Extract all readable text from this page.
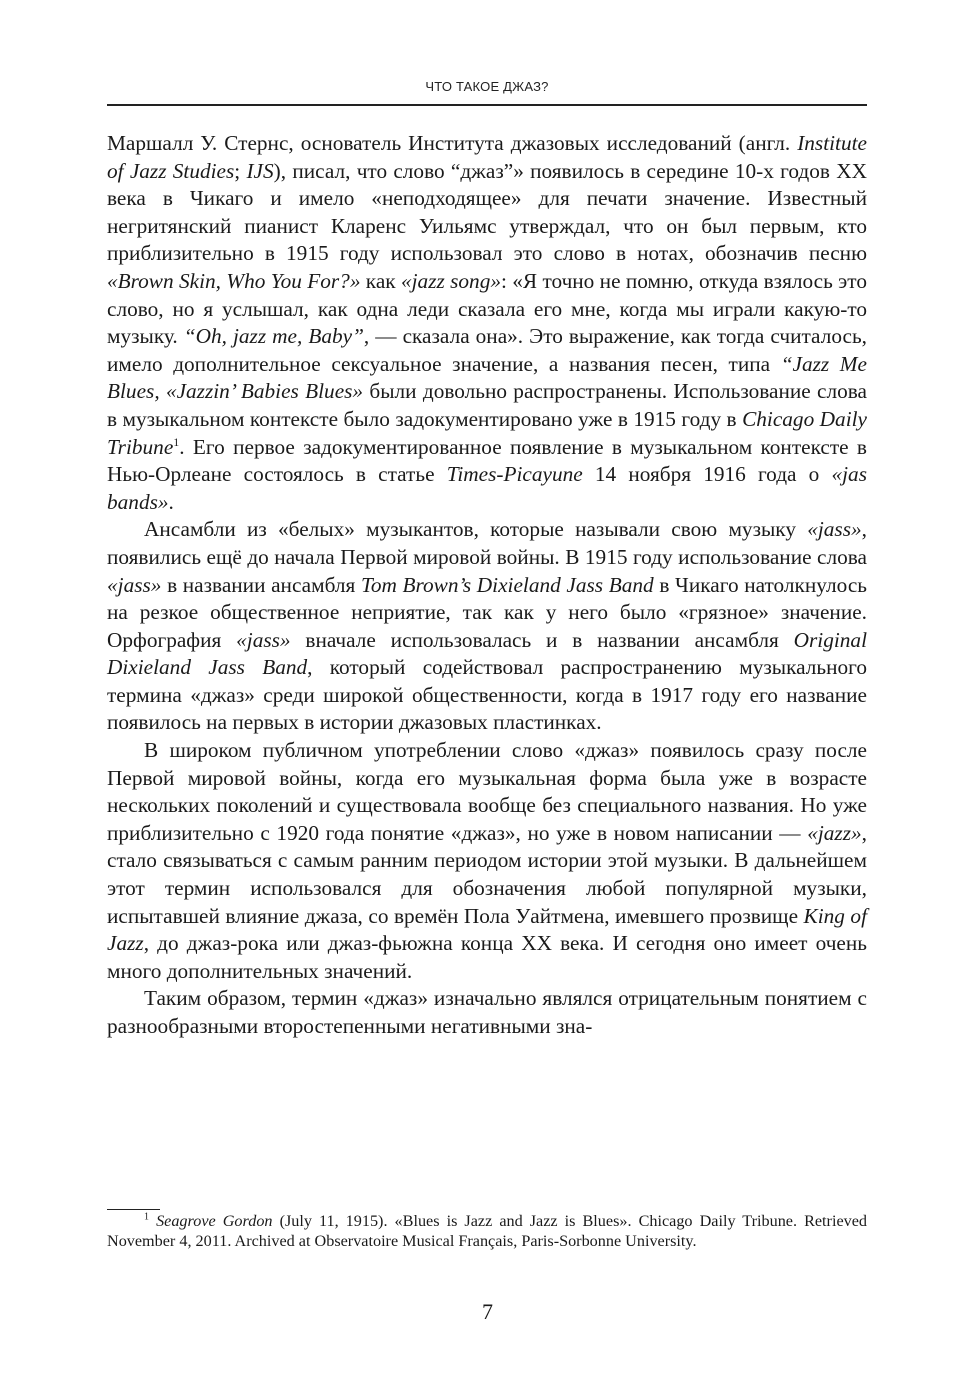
ЧТО ТАКОЕ ДЖАЗ?

Маршалл У. Стернс, основатель Института джазовых исследований (англ. Institute of Jazz Studies; IJS), писал, что слово “джаз”» появилось в середине 10-х годов XX века в Чикаго и имело «неподходящее» для печати значение. Известный негритянский пианист Кларенс Уильямс утверждал, что он был первым, кто приблизительно в 1915 году использовал это слово в нотах, обозначив песню «Brown Skin, Who You For?» как «jazz song»: «Я точно не помню, откуда взялось это слово, но я услышал, как одна леди сказала его мне, когда мы играли какую-то музыку. “Oh, jazz me, Baby”, — сказала она». Это выражение, как тогда считалось, имело дополнительное сексуальное значение, а названия песен, типа “Jazz Me Blues, «Jazzin’ Babies Blues» были довольно распространены. Использование слова в музыкальном контексте было задокументировано уже в 1915 году в Chicago Daily Tribune$^1$. Его первое задокументированное появление в музыкальном контексте в Нью-Орлеане состоялось в статье Times-Picayune 14 ноября 1916 года о «jas bands».

Ансамбли из «белых» музыкантов, которые называли свою музыку «jass», появились ещё до начала Первой мировой войны. В 1915 году использование слова «jass» в названии ансамбля Tom Brown’s Dixieland Jass Band в Чикаго натолкнулось на резкое общественное неприятие, так как у него было «грязное» значение. Орфография «jass» вначале использовалась и в названии ансамбля Original Dixieland Jass Band, который содействовал распространению музыкального термина «джаз» среди широкой общественности, когда в 1917 году его название появилось на первых в истории джазовых пластинках.

В широком публичном употреблении слово «джаз» появилось сразу после Первой мировой войны, когда его музыкальная форма была уже в возрасте нескольких поколений и существовала вообще без специального названия. Но уже приблизительно с 1920 года понятие «джаз», но уже в новом написании — «jazz», стало связываться с самым ранним периодом истории этой музыки. В дальнейшем этот термин использовался для обозначения любой популярной музыки, испытавшей влияние джаза, со времён Пола Уайтмена, имевшего прозвище King of Jazz, до джаз-рока или джаз-фьюжна конца XX века. И сегодня оно имеет очень много дополнительных значений.

Таким образом, термин «джаз» изначально являлся отрицательным понятием с разнообразными второстепенными негативными зна-

$^1$ Seagrove Gordon (July 11, 1915). «Blues is Jazz and Jazz is Blues». Chicago Daily Tribune. Retrieved November 4, 2011. Archived at Observatoire Musical Français, Paris-Sorbonne University.
7
